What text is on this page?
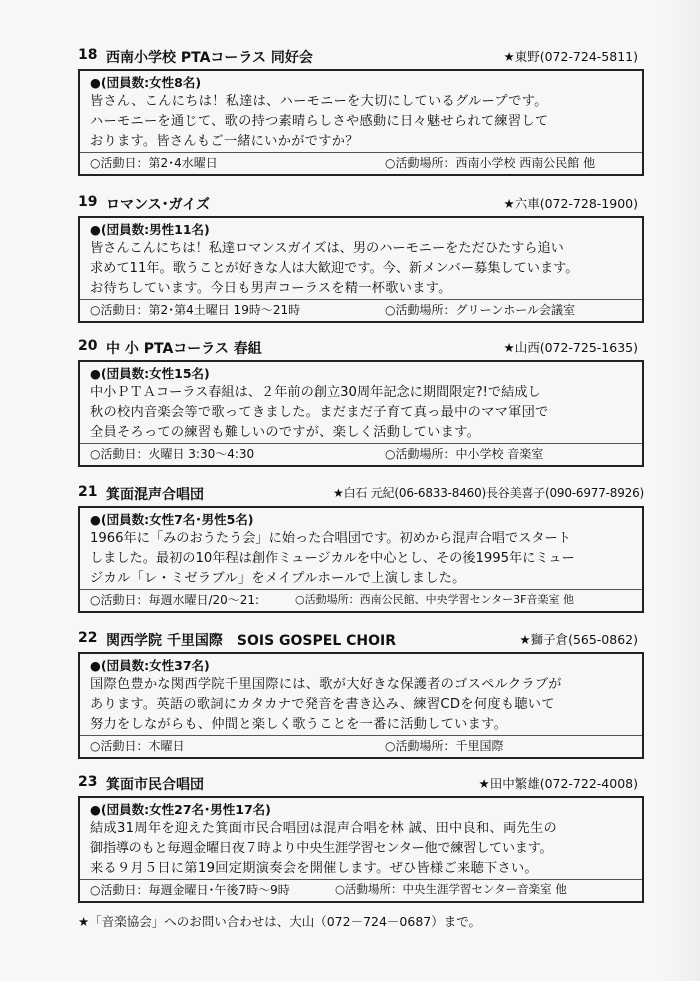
18 西南小学校 PTAコーラス 同好会	★東野(072-724-5811)
●(団員数:女性8名)

皆さん、こんにちは！私達は、ハーモニーを大切にしているグループです。

ハーモニーを通じて、歌の持つ素晴らしさや感動に日々魅せられて練習して

おります。皆さんもご一緒にいかがですか？

○活動日：第2･4水曜日	○活動場所：西南小学校 西南公民館 他
19 ロマンス･ガイズ	★六車(072-728-1900)
●(団員数:男性11名)

皆さんこんにちは！私達ロマンスガイズは、男のハーモニーをただひたすら追い

求めて11年。歌うことが好きな人は大歓迎です。今、新メンバー募集しています。

お待ちしています。今日も男声コーラスを精一杯歌います。

○活動日：第2･第4土曜日 19時～21時	○活動場所：グリーンホール会議室
20 中 小 PTAコーラス 春組	★山西(072-725-1635)
●(団員数:女性15名)

中小ＰＴＡコーラス春組は、２年前の創立30周年記念に期間限定?!で結成し

秋の校内音楽会等で歌ってきました。まだまだ子育て真っ最中のママ軍団で

全員そろっての練習も難しいのですが、楽しく活動しています。

○活動日：火曜日 3:30～4:30	○活動場所：中小学校 音楽室
21 箕面混声合唱団	★白石 元紀(06-6833-8460)長谷美喜子(090-6977-8926)
●(団員数:女性7名･男性5名)

1966年に「みのおうたう会」に始った合唱団です。初めから混声合唱でスタート

しました。最初の10年程は創作ミュージカルを中心とし、その後1995年にミュー

ジカル「レ・ミゼラブル」をメイプルホールで上演しました。

○活動日：毎週水曜日/20～21:	○活動場所：西南公民館、中央学習センター3F音楽室 他
22 関西学院 千里国際　SOIS GOSPEL CHOIR	★獅子倉(565-0862)
●(団員数:女性37名)

国際色豊かな関西学院千里国際には、歌が大好きな保護者のゴスペルクラブが

あります。英語の歌詞にカタカナで発音を書き込み、練習CDを何度も聴いて

努力をしながらも、仲間と楽しく歌うことを一番に活動しています。

○活動日：木曜日	○活動場所：千里国際
23 箕面市民合唱団	★田中繁雄(072-722-4008)
●(団員数:女性27名･男性17名)

結成31周年を迎えた箕面市民合唱団は混声合唱を林 誠、田中良和、両先生の

御指導のもと毎週金曜日夜７時より中央生涯学習センター他で練習しています。

来る９月５日に第19回定期演奏会を開催します。ぜひ皆様ご来聴下さい。

○活動日：毎週金曜日･午後7時～9時	○活動場所：中央生涯学習センター音楽室 他
★「音楽協会」へのお問い合わせは、大山（072－724－0687）まで。
